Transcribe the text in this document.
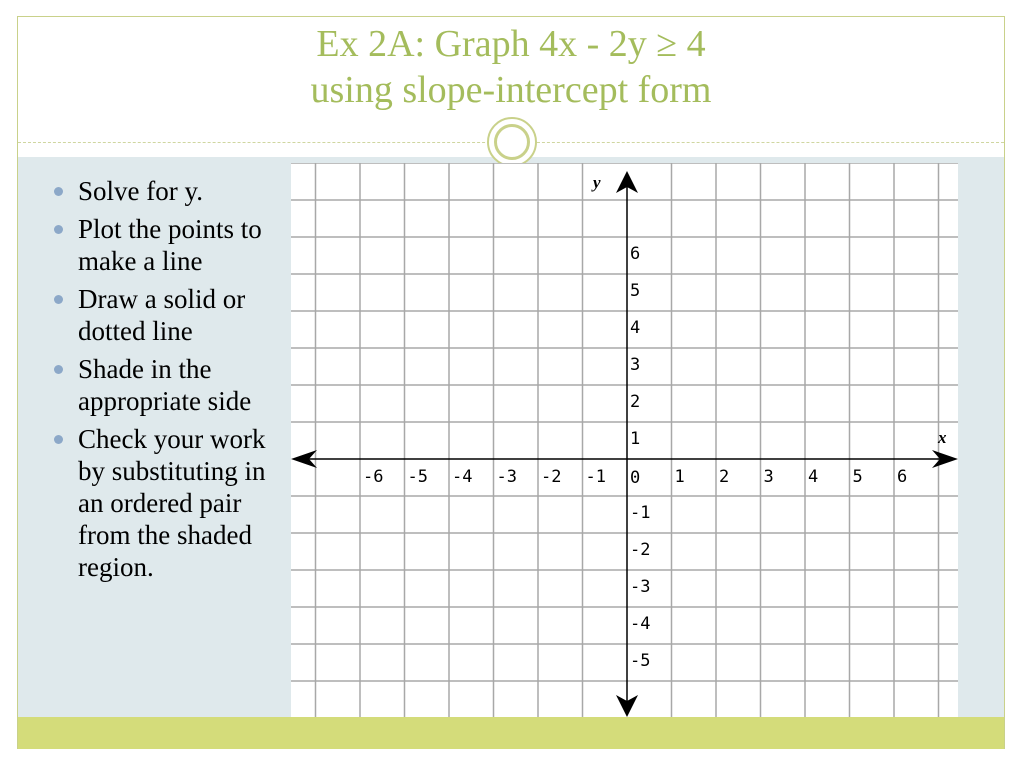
Ex 2A: Graph 4x - 2y ≥ 4
using slope-intercept form
Solve for y.
Plot the points to make a line
Draw a solid or dotted line
Shade in the appropriate side
Check your work by substituting in an ordered pair from the shaded region.
-6 -5 -4 -3 -2 -1	1 2 3 4 5 6
6
5
4
3
2
1
-1
-2
-3
-4
-5
x
y
0
